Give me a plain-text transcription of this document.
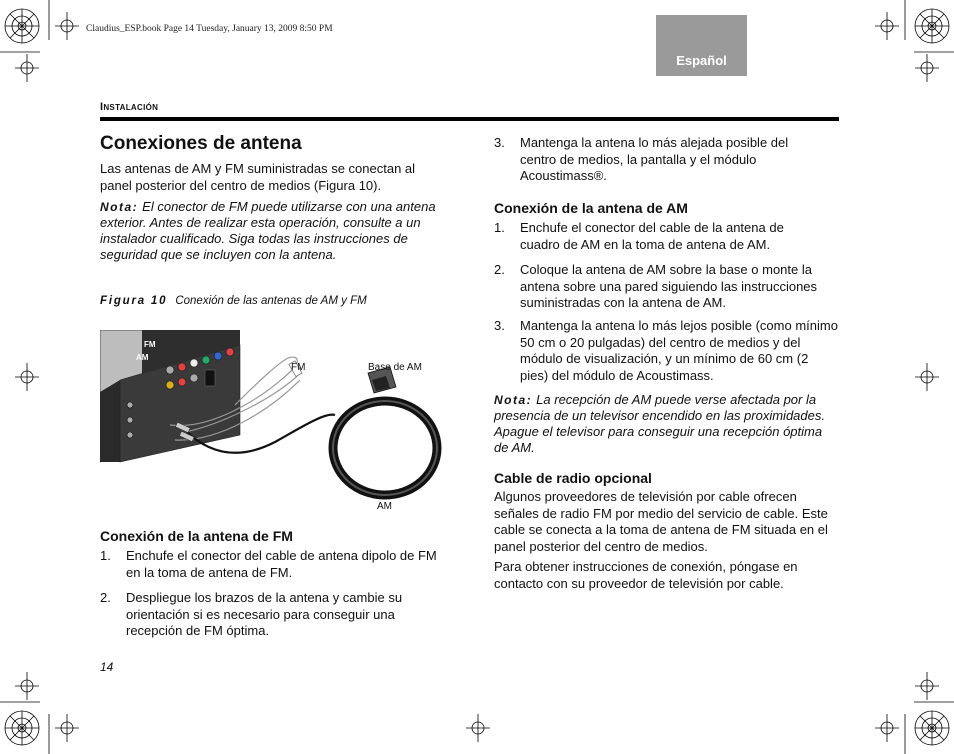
Claudius_ESP.book Page 14 Tuesday, January 13, 2009 8:50 PM
Español
Instalación
Conexiones de antena
Las antenas de AM y FM suministradas se conectan al panel posterior del centro de medios (Figura 10).
Nota: El conector de FM puede utilizarse con una antena exterior. Antes de realizar esta operación, consulte a un instalador cualificado. Siga todas las instrucciones de seguridad que se incluyen con la antena.
Figura 10 Conexión de las antenas de AM y FM
FM
AM
FM	Base de AM
AM
Conexión de la antena de FM
1. Enchufe el conector del cable de antena dipolo de FM en la toma de antena de FM.
2. Despliegue los brazos de la antena y cambie su orientación si es necesario para conseguir una recepción de FM óptima.
3. Mantenga la antena lo más alejada posible del centro de medios, la pantalla y el módulo Acoustimass®.
Conexión de la antena de AM
1. Enchufe el conector del cable de la antena de cuadro de AM en la toma de antena de AM.
2. Coloque la antena de AM sobre la base o monte la antena sobre una pared siguiendo las instrucciones suministradas con la antena de AM.
3. Mantenga la antena lo más lejos posible (como mínimo 50 cm o 20 pulgadas) del centro de medios y del módulo de visualización, y un mínimo de 60 cm (2 pies) del módulo de Acoustimass.
Nota: La recepción de AM puede verse afectada por la presencia de un televisor encendido en las proximidades. Apague el televisor para conseguir una recepción óptima de AM.
Cable de radio opcional
Algunos proveedores de televisión por cable ofrecen señales de radio FM por medio del servicio de cable. Este cable se conecta a la toma de antena de FM situada en el panel posterior del centro de medios.
Para obtener instrucciones de conexión, póngase en contacto con su proveedor de televisión por cable.
14
